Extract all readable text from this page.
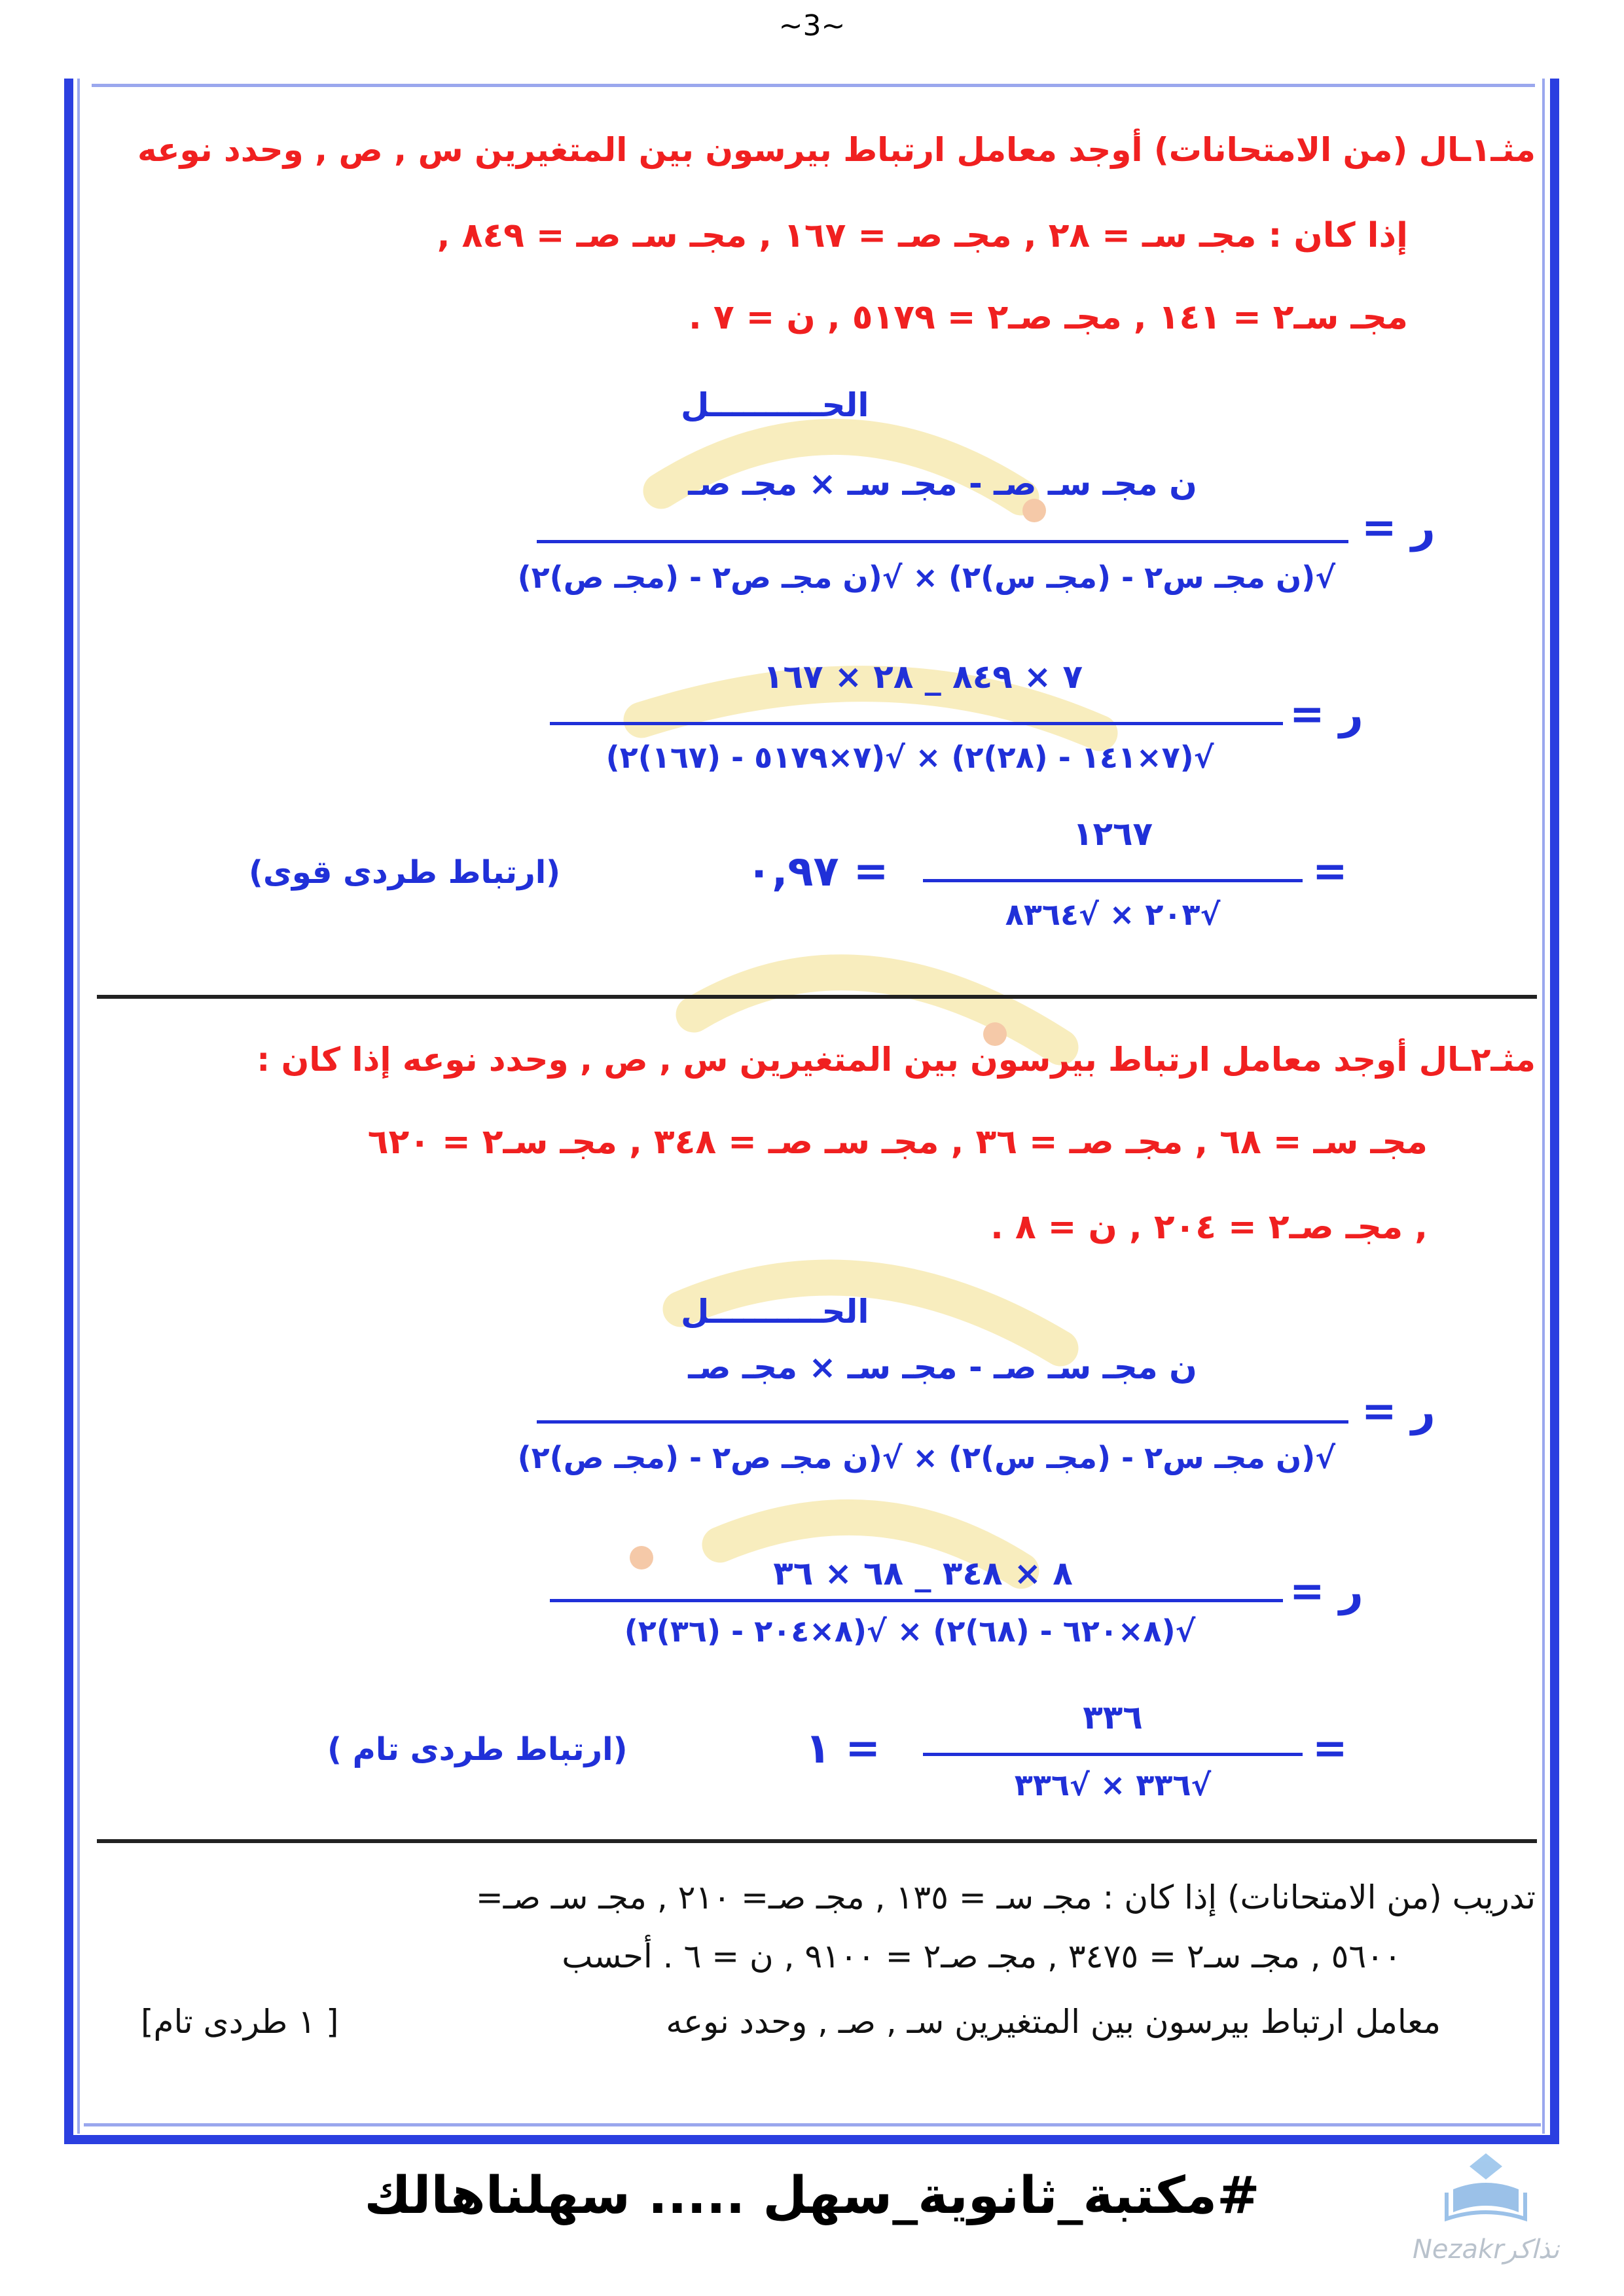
~3~
مثـ١ـال (من الامتحانات) أوجد معامل ارتباط بيرسون بين المتغيرين س , ص , وحدد نوعه
إذا كان : مجـ سـ = ٢٨ , مجـ صـ = ١٦٧ , مجـ سـ صـ = ٨٤٩ ,
مجـ سـ٢ = ١٤١ , مجـ صـ٢ = ٥١٧٩ , ن = ٧ .
الحــــــــــل
ن مجـ سـ صـ - مجـ سـ × مجـ صـ
ر =
√(ن مجـ س٢ - (مجـ س)٢) × √(ن مجـ ص٢ - (مجـ ص)٢)
٧ × ٨٤٩ _ ٢٨ × ١٦٧
ر =
√(٧×١٤١ - (٢٨)٢) × √(٧×٥١٧٩ - (١٦٧)٢)
=
١٢٦٧
√٢٠٣ × √٨٣٦٤
= ٠,٩٧
(ارتباط طردى قوى)
مثـ٢ـال أوجد معامل ارتباط بيرسون بين المتغيرين س , ص , وحدد نوعه إذا كان :
مجـ سـ = ٦٨ , مجـ صـ = ٣٦ , مجـ سـ صـ = ٣٤٨ , مجـ سـ٢ = ٦٢٠
, مجـ صـ٢ = ٢٠٤ , ن = ٨ .
الحــــــــــل
ن مجـ سـ صـ - مجـ سـ × مجـ صـ
ر =
√(ن مجـ س٢ - (مجـ س)٢) × √(ن مجـ ص٢ - (مجـ ص)٢)
٨ × ٣٤٨ _ ٦٨ × ٣٦	ر =
√(٨×٦٢٠ - (٦٨)٢) × √(٨×٢٠٤ - (٣٦)٢)
=
٣٣٦
√٣٣٦ × √٣٣٦
= ١
(ارتباط طردى تام )
تدريب (من الامتحانات) إذا كان : مجـ سـ = ١٣٥ , مجـ صـ= ٢١٠ , مجـ سـ صـ=
٥٦٠٠ , مجـ سـ٢ = ٣٤٧٥ , مجـ صـ٢ = ٩١٠٠ , ن = ٦ . أحسب
معامل ارتباط بيرسون بين المتغيرين سـ , صـ , وحدد نوعه
[ ١ طردى تام]
#مكتبة_ثانوية_سهل ..... سهلناهالك
Nezakr‏نذاكر
